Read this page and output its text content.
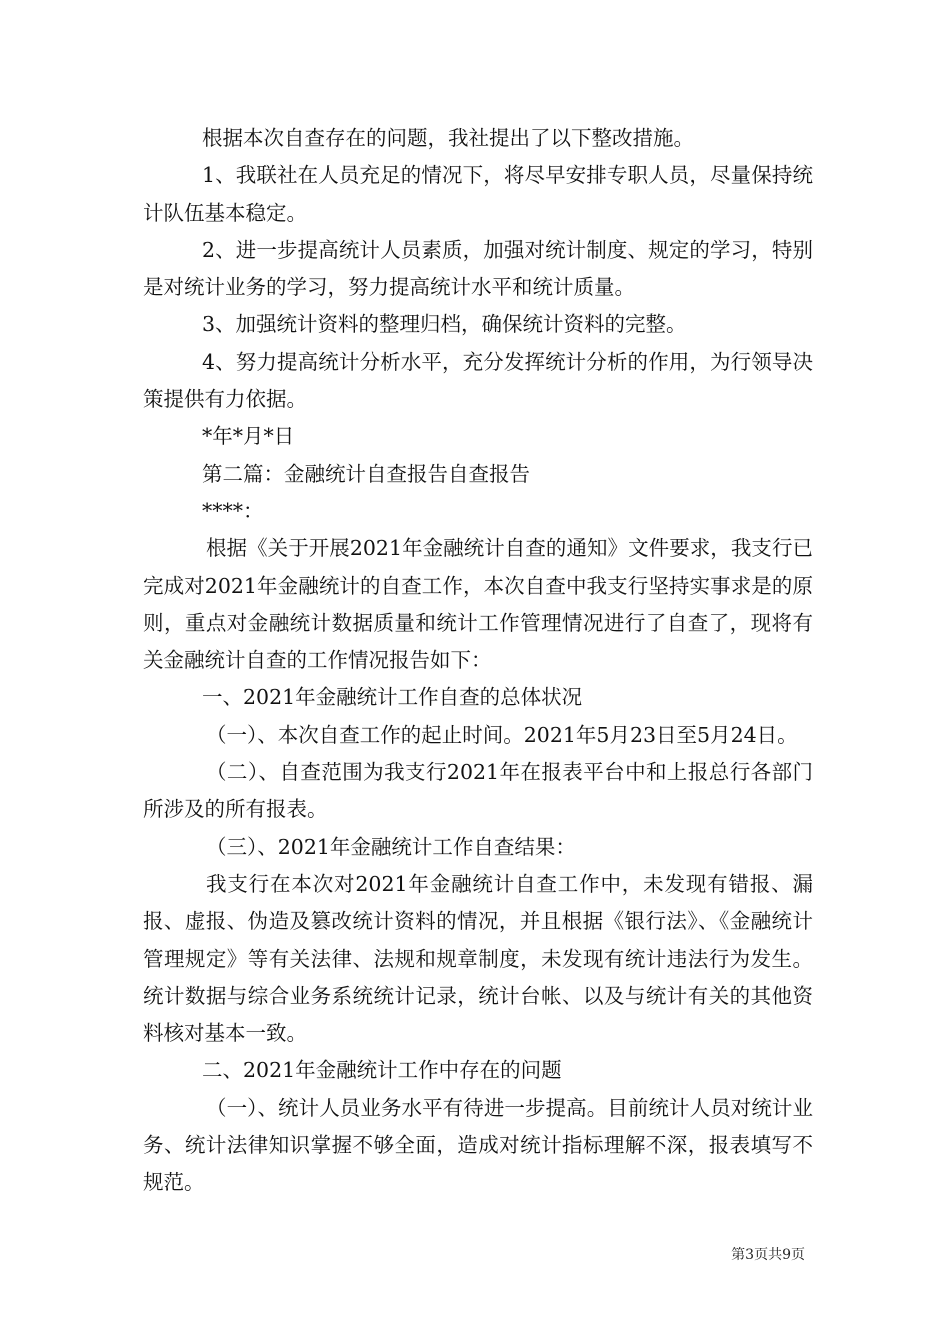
根据本次自查存在的问题，我社提出了以下整改措施。

1、我联社在人员充足的情况下，将尽早安排专职人员，尽量保持统计队伍基本稳定。

2、进一步提高统计人员素质，加强对统计制度、规定的学习，特别是对统计业务的学习，努力提高统计水平和统计质量。

3、加强统计资料的整理归档，确保统计资料的完整。

4、努力提高统计分析水平，充分发挥统计分析的作用，为行领导决策提供有力依据。

*年*月*日

第二篇：金融统计自查报告自查报告

****：

根据《关于开展2021年金融统计自查的通知》文件要求，我支行已完成对2021年金融统计的自查工作，本次自查中我支行坚持实事求是的原则，重点对金融统计数据质量和统计工作管理情况进行了自查了，现将有关金融统计自查的工作情况报告如下：

一、2021年金融统计工作自查的总体状况

（一）、本次自查工作的起止时间。2021年5月23日至5月24日。

（二）、自查范围为我支行2021年在报表平台中和上报总行各部门所涉及的所有报表。

（三）、2021年金融统计工作自查结果：

我支行在本次对2021年金融统计自查工作中，未发现有错报、漏报、虚报、伪造及篡改统计资料的情况，并且根据《银行法》、《金融统计管理规定》等有关法律、法规和规章制度，未发现有统计违法行为发生。统计数据与综合业务系统统计记录，统计台帐、以及与统计有关的其他资料核对基本一致。

二、2021年金融统计工作中存在的问题

（一）、统计人员业务水平有待进一步提高。目前统计人员对统计业务、统计法律知识掌握不够全面，造成对统计指标理解不深，报表填写不规范。

第3页共9页
